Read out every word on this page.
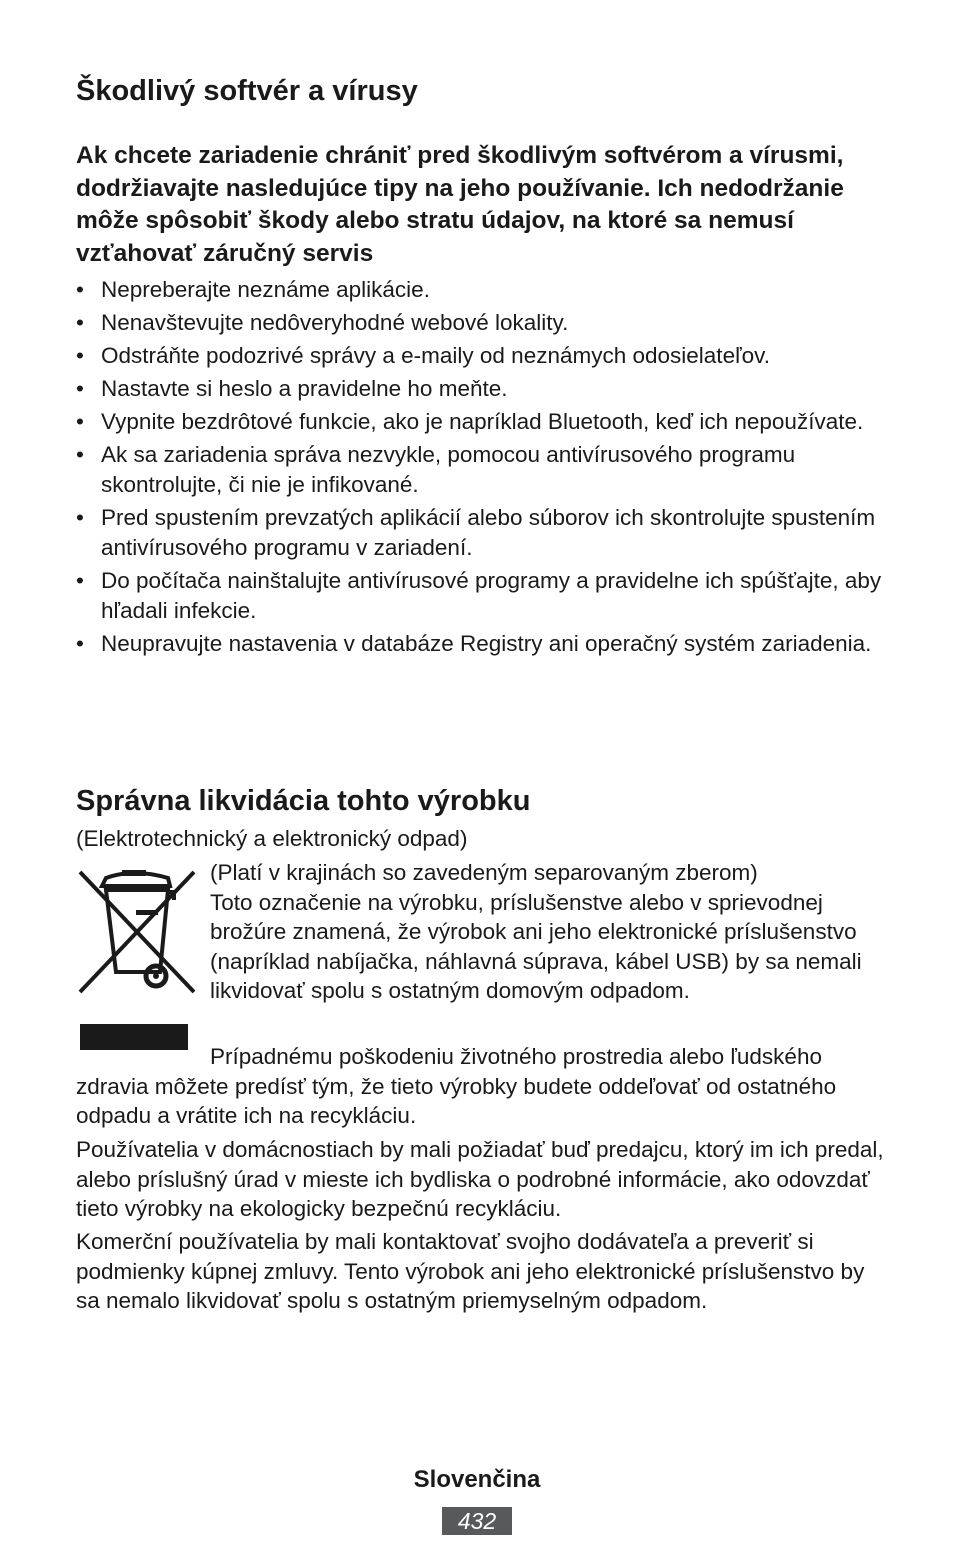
Škodlivý softvér a vírusy

Ak chcete zariadenie chrániť pred škodlivým softvérom a vírusmi, dodržiavajte nasledujúce tipy na jeho používanie. Ich nedodržanie môže spôsobiť škody alebo stratu údajov, na ktoré sa nemusí vzťahovať záručný servis

• Nepreberajte neznáme aplikácie.
• Nenavštevujte nedôveryhodné webové lokality.
• Odstráňte podozrivé správy a e-maily od neznámych odosielateľov.
• Nastavte si heslo a pravidelne ho meňte.
• Vypnite bezdrôtové funkcie, ako je napríklad Bluetooth, keď ich nepoužívate.
• Ak sa zariadenia správa nezvykle, pomocou antivírusového programu skontrolujte, či nie je infikované.
• Pred spustením prevzatých aplikácií alebo súborov ich skontrolujte spustením antivírusového programu v zariadení.
• Do počítača nainštalujte antivírusové programy a pravidelne ich spúšťajte, aby hľadali infekcie.
• Neupravujte nastavenia v databáze Registry ani operačný systém zariadenia.
Správna likvidácia tohto výrobku
(Elektrotechnický a elektronický odpad)

(Platí v krajinách so zavedeným separovaným zberom)

Toto označenie na výrobku, príslušenstve alebo v sprievodnej brožúre znamená, že výrobok ani jeho elektronické príslušenstvo (napríklad nabíjačka, náhlavná súprava, kábel USB) by sa nemali likvidovať spolu s ostatným domovým odpadom.

Prípadnému poškodeniu životného prostredia alebo ľudského zdravia môžete predísť tým, že tieto výrobky budete oddeľovať od ostatného odpadu a vrátite ich na recykláciu.

Používatelia v domácnostiach by mali požiadať buď predajcu, ktorý im ich predal, alebo príslušný úrad v mieste ich bydliska o podrobné informácie, ako odovzdať tieto výrobky na ekologicky bezpečnú recykláciu.

Komerční používatelia by mali kontaktovať svojho dodávateľa a preveriť si podmienky kúpnej zmluvy. Tento výrobok ani jeho elektronické príslušenstvo by sa nemalo likvidovať spolu s ostatným priemyselným odpadom.

Slovenčina
432
